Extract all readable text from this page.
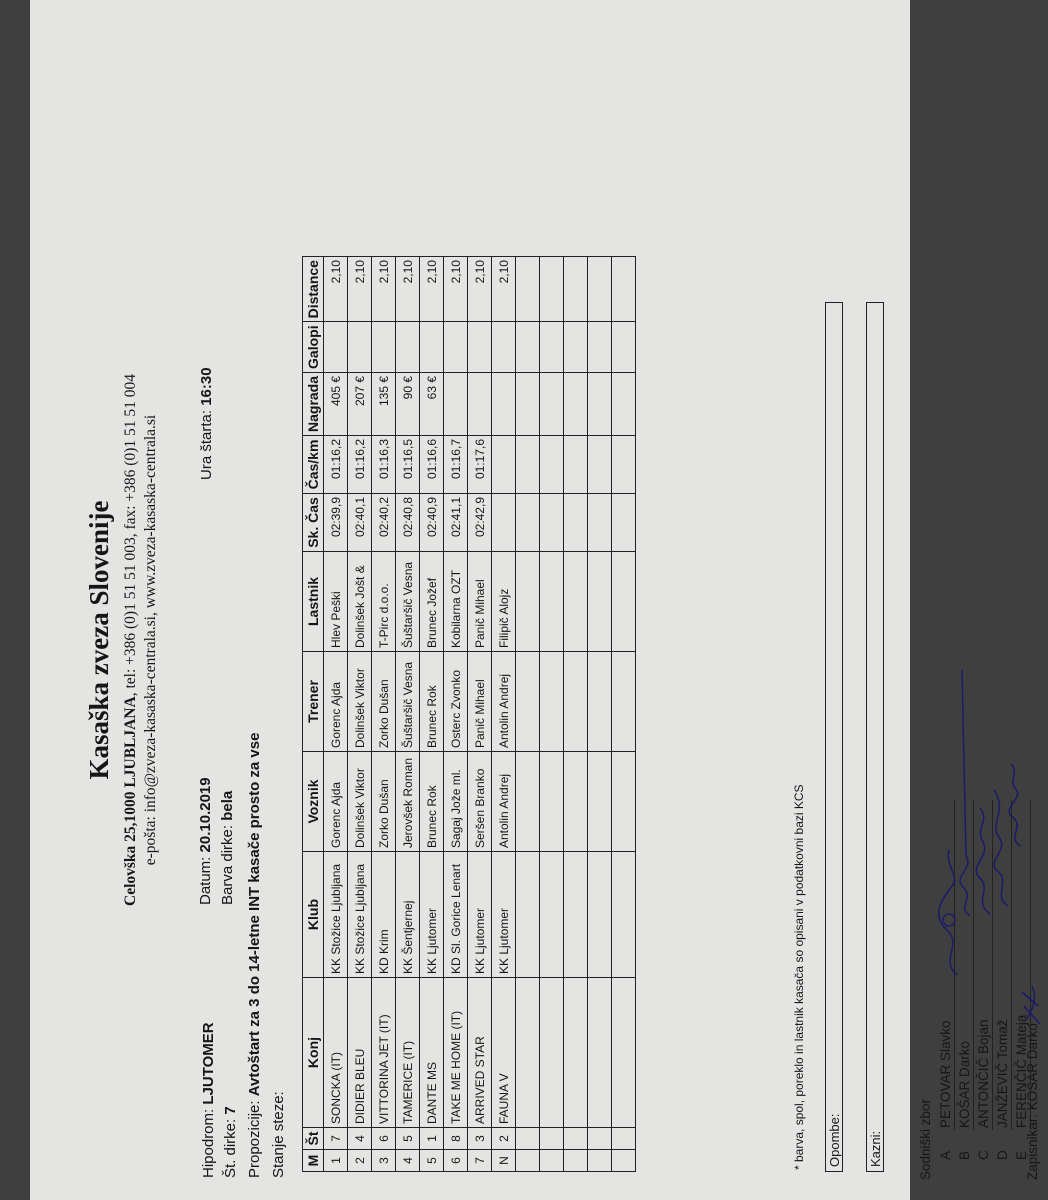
Kasaška zveza Slovenije
Celovška 25,1000 LJUBLJANA, tel: +386 (0)1 51 51 003, fax: +386 (0)1 51 51 004 e-pošta: info@zveza-kasaska-centrala.si, www.zveza-kasaska-centrala.si
Hipodrom: LJUTOMER
Datum: 20.10.2019
Št. dirke: 7
Barva dirke: bela
Ura štarta: 16:30
Propozicije: Avtoštart za 3 do 14-letne INT kasače prosto za vse
Stanje steze: M	Št	Konj	Klub	Voznik	Trener	Lastnik	Sk. Čas	Čas/km	Nagrada	Galopi	Distance
1	7	SONCKA (IT)	KK Stožice Ljubljana	Gorenc Ajda	Gorenc Ajda	Hlev Peški	02:39,9	01:16,2	405 €		2,10
2	4	DIDIER BLEU	KK Stožice Ljubljana	Dolinšek Viktor	Dolinšek Viktor	Dolinšek Jošt &	02:40,1	01:16,2	207 €		2,10
3	6	VITTORINA JET (IT)	KD Krim	Zorko Dušan	Zorko Dušan	T-Pirc d.o.o.	02:40,2	01:16,3	135 €		2,10
4	5	TAMERICE (IT)	KK Šentjernej	Jerovšek Roman	Šuštaršič Vesna	Šuštaršič Vesna	02:40,8	01:16,5	90 €		2,10
5	1	DANTE MS	KK Ljutomer	Brunec Rok	Brunec Rok	Brunec Jožef	02:40,9	01:16,6	63 €		2,10
6	8	TAKE ME HOME (IT)	KD Sl. Gorice Lenart	Sagaj Jože ml.	Osterc Zvonko	Kobilarna OZT	02:41,1	01:16,7			2,10
7	3	ARRIVED STAR	KK Ljutomer	Seršen Branko	Panič Mihael	Panič Mihael	02:42,9	01:17,6			2,10
N	2	FAUNA V	KK Ljutomer	Antolin Andrej	Antolin Andrej	Filipič Alojz					2,10

* barva, spol, poreklo in lastnik kasača so opisani v podatkovni bazi KCS Opombe: Kazni:	Sodniški zbor A
PETOVAR Slavko
B
KOŠAR Darko
C
ANTONČIČ Bojan
D
JANŽEVIČ Tomaž
E
FERENČIČ Mateja
Zapisnikar: KOŠAR Darko
